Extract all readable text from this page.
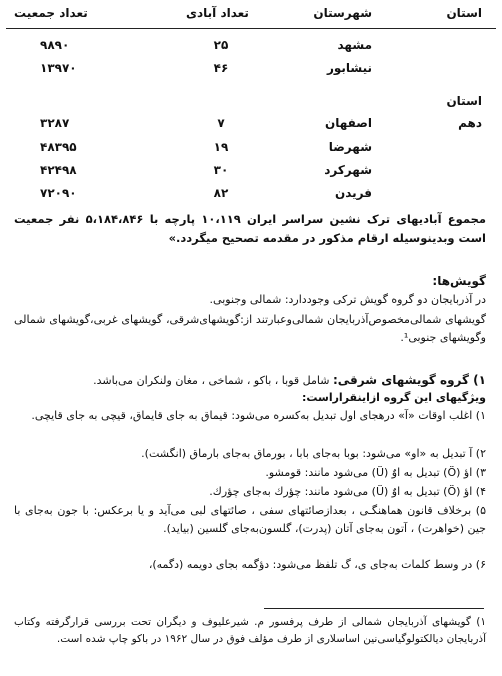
استان
شهرستان
تعداد آبادی
تعداد جمعیت
مشهد
۲۵
۹۸۹۰
نیشابور
۴۶
۱۳۹۷۰
استان
دهم
اصفهان
۷
۳۲۸۷
شهرضا
۱۹
۴۸۳۹۵
شهرکرد
۳۰
۴۲۴۹۸
فریدن
۸۲
۷۲۰۹۰
مجموع آبادیهای ترک نشین سراسر ایران ۱۰،۱۱۹ پارچه با ۵،۱۸۴،۸۴۶ نفر جمعیت است وبدینوسیله ارقام مذکور در مقدمه تصحیح میگردد.»
گویش‌ها:
در آذربایجان دو گروه گویش ترکی وجوددارد: شمالی وجنوبی.
گویشهای شمالی‌مخصوص‌آذربایجان شمالی‌وعبارتند از:گویشهای‌شرقی، گویشهای غربی،گویشهای شمالی وگویشهای جنوبی¹.
۱) گروه گویشهای شرقی: شامل قوبا ، باکو ، شماخی ، مغان ولنکران می‌باشد.
ویژگیهای این گروه ازاینقراراست:
۱) اغلب اوقات «آ» درهجای اول تبدیل به‌کسره می‌شود: قیماق به جای قایماق، قیچی به جای قایچی.
۲) آ تبدیل به «او» می‌شود: بوبا به‌جای بابا ، بورماق به‌جای بارماق (انگشت).
۳) اؤ (Ö) تبدیل به اوٌ (Ü) می‌شود مانند: قومشو.
۴) اؤ (Ö) تبدیل به اوٌ (Ü) می‌شود مانند: چؤرك به‌جای چؤرك.
۵) برخلاف قانون هماهنگـی ، بعدازصائتهای سفی ، صائتهای لبی می‌آید و یا برعکس: با جون به‌جای با جین (خواهرت) ، آتون به‌جای آتان (پدرت)، گلسون‌به‌جای گلسین (بیاید).
۶) در وسط کلمات به‌جای ی، گ تلفظ می‌شود: دؤگمه بجای دویمه (دگمه)،
۱) گویشهای آذربایجان شمالی از طرف پرفسور م. شیرعلیوف و دیگران تحت بررسی قرارگرفته وکتاب آذربایجان دیالکتولوگیاسی‌نین اساسلاری از طرف مؤلف فوق در سال ۱۹۶۲ در باکو چاپ شده است.
